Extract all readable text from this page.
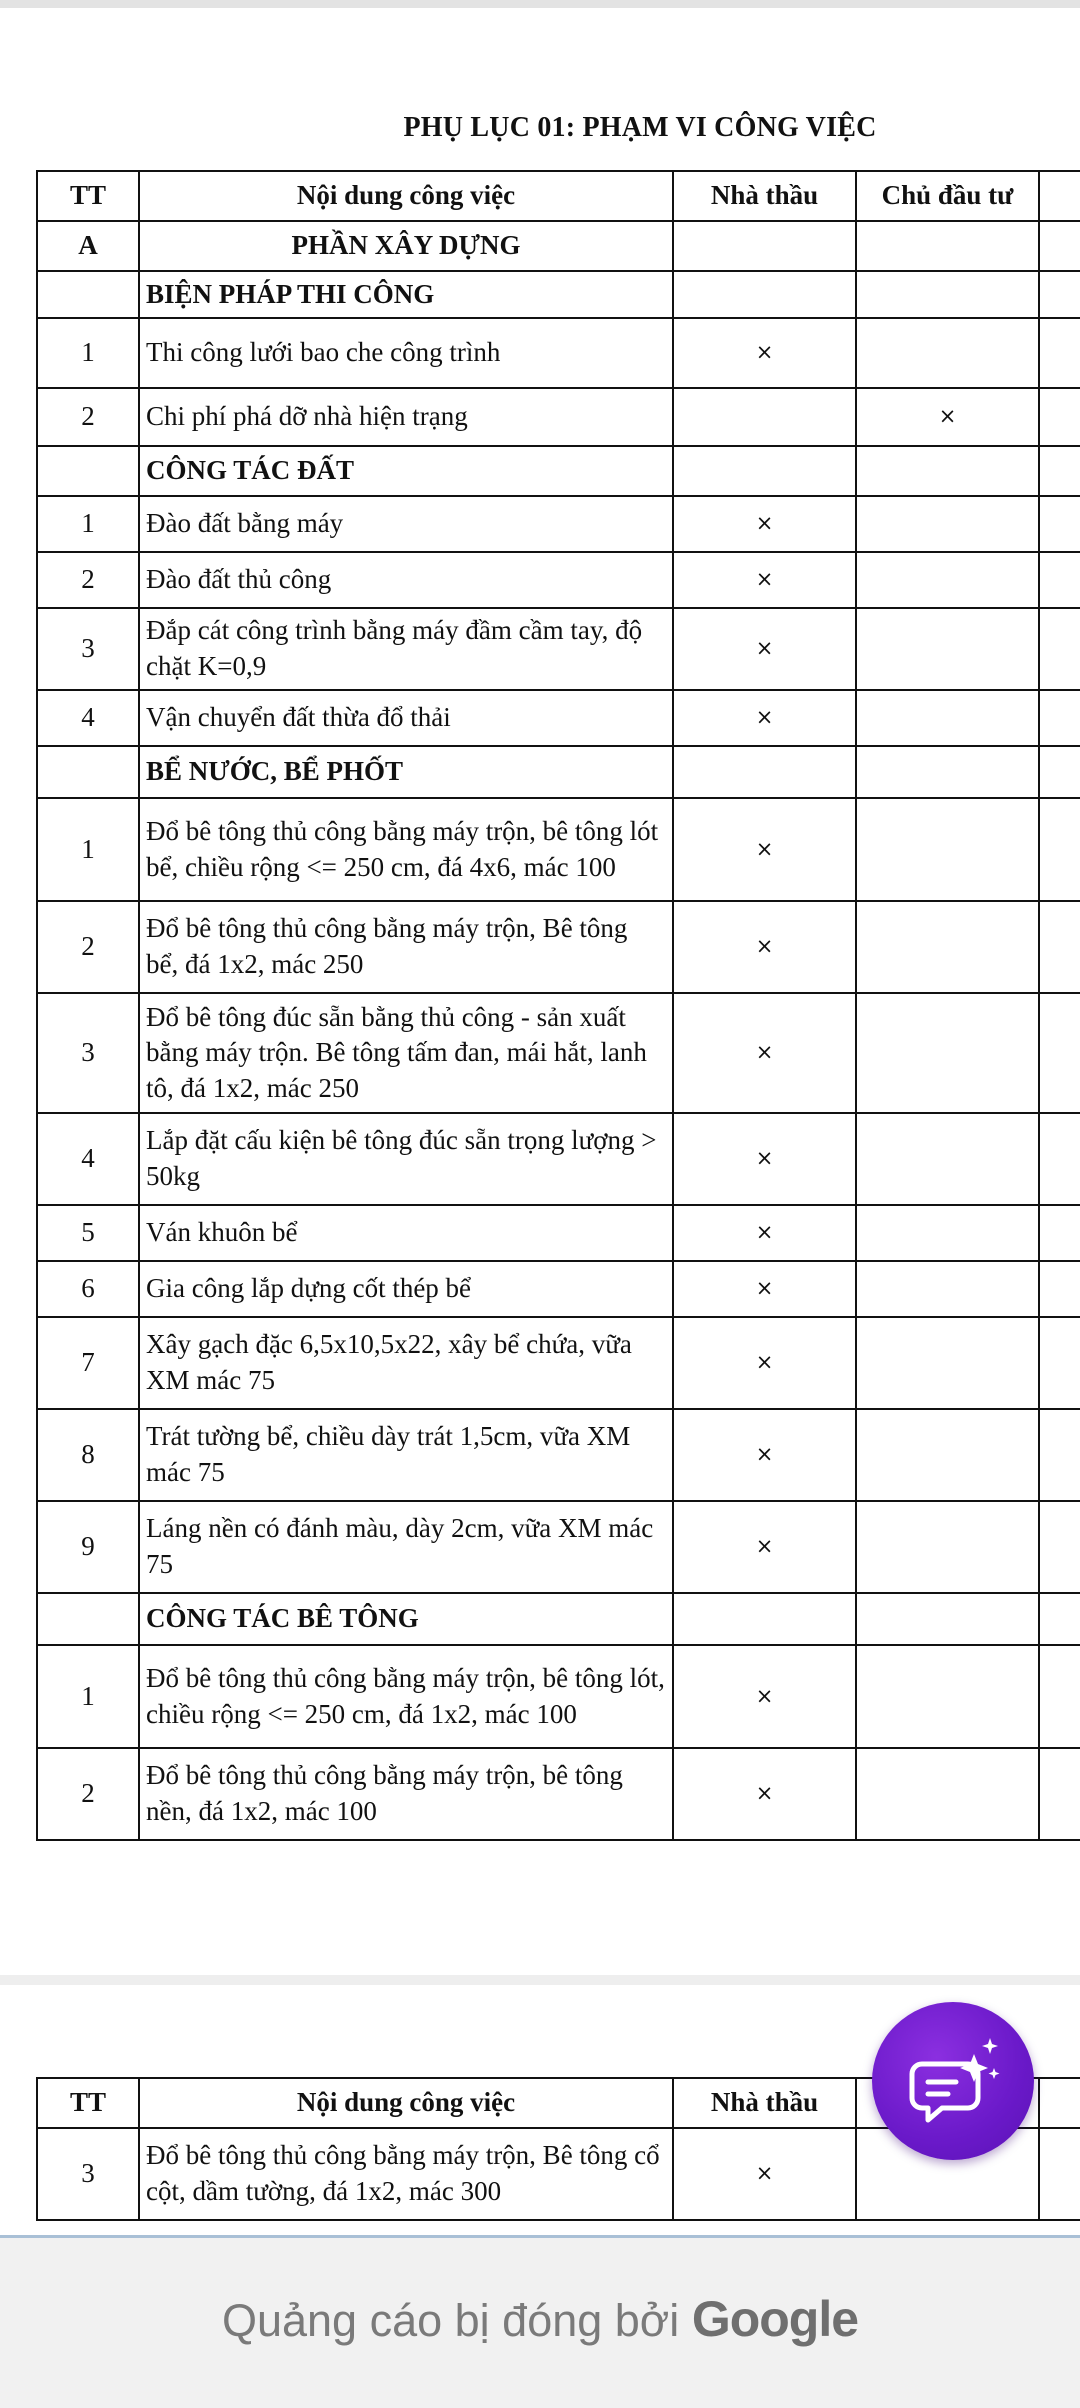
PHỤ LỤC 01: PHẠM VI CÔNG VIỆC
TT	Nội dung công việc	Nhà thầu	Chủ đầu tư	
A	PHẦN XÂY DỰNG			
	BIỆN PHÁP THI CÔNG			
1	Thi công lưới bao che công trình	×		
2	Chi phí phá dỡ nhà hiện trạng		×	
	CÔNG TÁC ĐẤT			
1	Đào đất bằng máy	×		
2	Đào đất thủ công	×		
3	Đắp cát công trình bằng máy đầm cầm tay, độ chặt K=0,9	×		
4	Vận chuyển đất thừa đổ thải	×		
	BỂ NƯỚC, BỂ PHỐT			
1	Đổ bê tông thủ công bằng máy trộn, bê tông lót bể, chiều rộng <= 250 cm, đá 4x6, mác 100	×		
2	Đổ bê tông thủ công bằng máy trộn, Bê tông bể, đá 1x2, mác 250	×		
3	Đổ bê tông đúc sẵn bằng thủ công - sản xuất bằng máy trộn. Bê tông tấm đan, mái hắt, lanh tô, đá 1x2, mác 250	×		
4	Lắp đặt cấu kiện bê tông đúc sẵn trọng lượng > 50kg	×		
5	Ván khuôn bể	×		
6	Gia công lắp dựng cốt thép bể	×		
7	Xây gạch đặc 6,5x10,5x22, xây bể chứa, vữa XM mác 75	×		
8	Trát tường bể, chiều dày trát 1,5cm, vữa XM mác 75	×		
9	Láng nền có đánh màu, dày 2cm, vữa XM mác 75	×		
	CÔNG TÁC BÊ TÔNG			
1	Đổ bê tông thủ công bằng máy trộn, bê tông lót, chiều rộng <= 250 cm, đá 1x2, mác 100	×		
2	Đổ bê tông thủ công bằng máy trộn, bê tông nền, đá 1x2, mác 100	×		
TT	Nội dung công việc	Nhà thầu		
3	Đổ bê tông thủ công bằng máy trộn, Bê tông cổ cột, dầm tường, đá 1x2, mác 300	×		
Quảng cáo bị đóng bởi Google
